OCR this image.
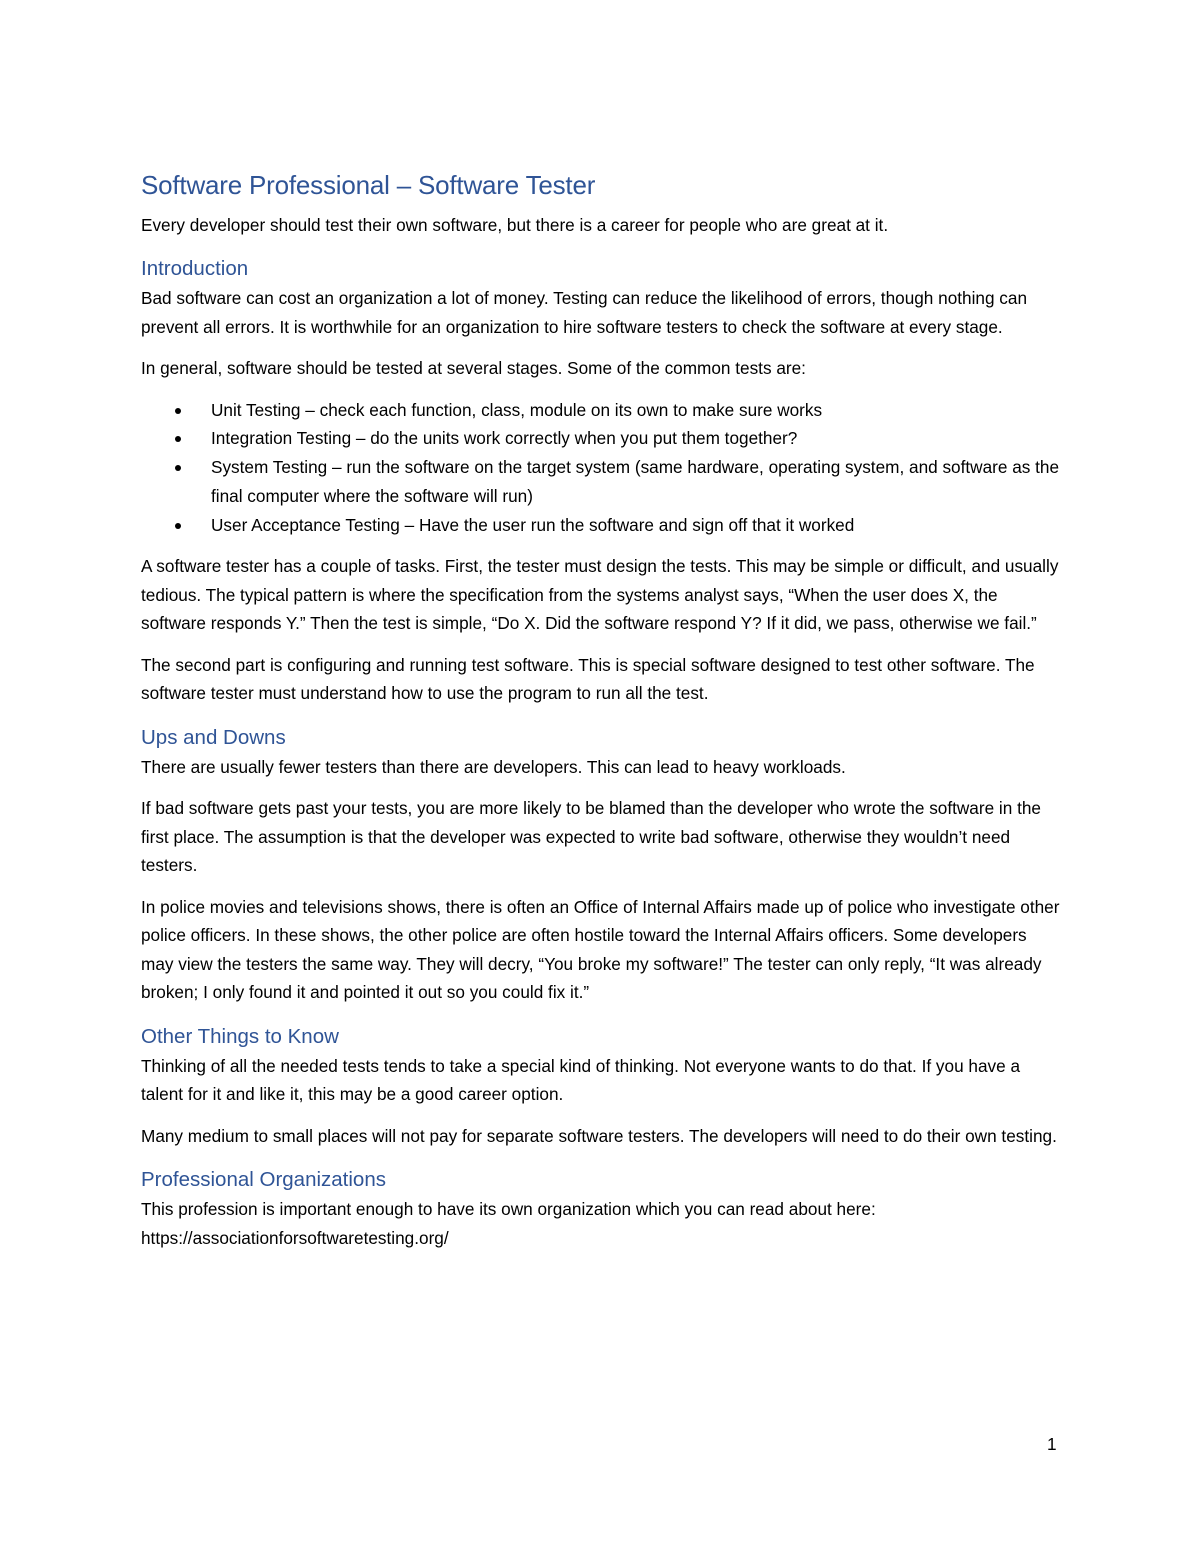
Software Professional – Software Tester

Every developer should test their own software, but there is a career for people who are great at it.

Introduction

Bad software can cost an organization a lot of money. Testing can reduce the likelihood of errors, though nothing can prevent all errors. It is worthwhile for an organization to hire software testers to check the software at every stage.

In general, software should be tested at several stages. Some of the common tests are:

Unit Testing – check each function, class, module on its own to make sure works
Integration Testing – do the units work correctly when you put them together?
System Testing – run the software on the target system (same hardware, operating system, and software as the final computer where the software will run)
User Acceptance Testing – Have the user run the software and sign off that it worked

A software tester has a couple of tasks. First, the tester must design the tests. This may be simple or difficult, and usually tedious. The typical pattern is where the specification from the systems analyst says, “When the user does X, the software responds Y.” Then the test is simple, “Do X. Did the software respond Y? If it did, we pass, otherwise we fail.”

The second part is configuring and running test software. This is special software designed to test other software. The software tester must understand how to use the program to run all the test.

Ups and Downs

There are usually fewer testers than there are developers. This can lead to heavy workloads.

If bad software gets past your tests, you are more likely to be blamed than the developer who wrote the software in the first place. The assumption is that the developer was expected to write bad software, otherwise they wouldn’t need testers.

In police movies and televisions shows, there is often an Office of Internal Affairs made up of police who investigate other police officers. In these shows, the other police are often hostile toward the Internal Affairs officers. Some developers may view the testers the same way. They will decry, “You broke my software!” The tester can only reply, “It was already broken; I only found it and pointed it out so you could fix it.”

Other Things to Know

Thinking of all the needed tests tends to take a special kind of thinking. Not everyone wants to do that. If you have a talent for it and like it, this may be a good career option.

Many medium to small places will not pay for separate software testers. The developers will need to do their own testing.

Professional Organizations

This profession is important enough to have its own organization which you can read about here:

https://associationforsoftwaretesting.org/

1
